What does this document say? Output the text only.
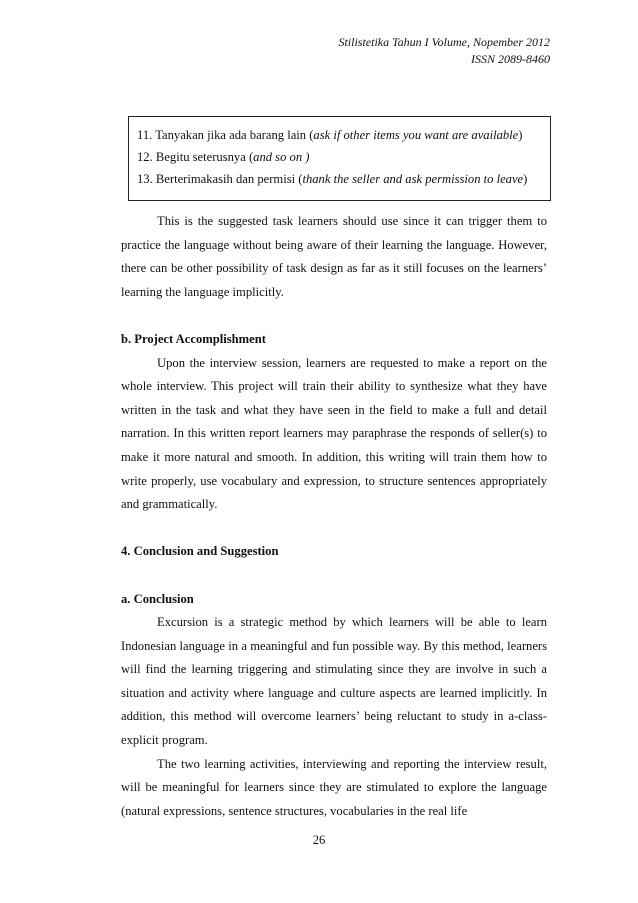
Stilistetika Tahun I Volume, Nopember 2012
ISSN 2089-8460
11. Tanyakan jika ada barang lain (ask if other items you want are available)
12. Begitu seterusnya (and so on )
13. Berterimakasih dan permisi (thank the seller and ask permission to leave)

This is the suggested task learners should use since it can trigger them to practice the language without being aware of their learning the language. However, there can be other possibility of task design as far as it still focuses on the learners’ learning the language implicitly.

b. Project Accomplishment

Upon the interview session, learners are requested to make a report on the whole interview. This project will train their ability to synthesize what they have written in the task and what they have seen in the field to make a full and detail narration. In this written report learners may paraphrase the responds of seller(s) to make it more natural and smooth. In addition, this writing will train them how to write properly, use vocabulary and expression, to structure sentences appropriately and grammatically.

4. Conclusion and Suggestion
a. Conclusion

Excursion is a strategic method by which learners will be able to learn Indonesian language in a meaningful and fun possible way. By this method, learners will find the learning triggering and stimulating since they are involve in such a situation and activity where language and culture aspects are learned implicitly. In addition, this method will overcome learners’ being reluctant to study in a-class-explicit program.

The two learning activities, interviewing and reporting the interview result, will be meaningful for learners since they are stimulated to explore the language (natural expressions, sentence structures, vocabularies in the real life

26
